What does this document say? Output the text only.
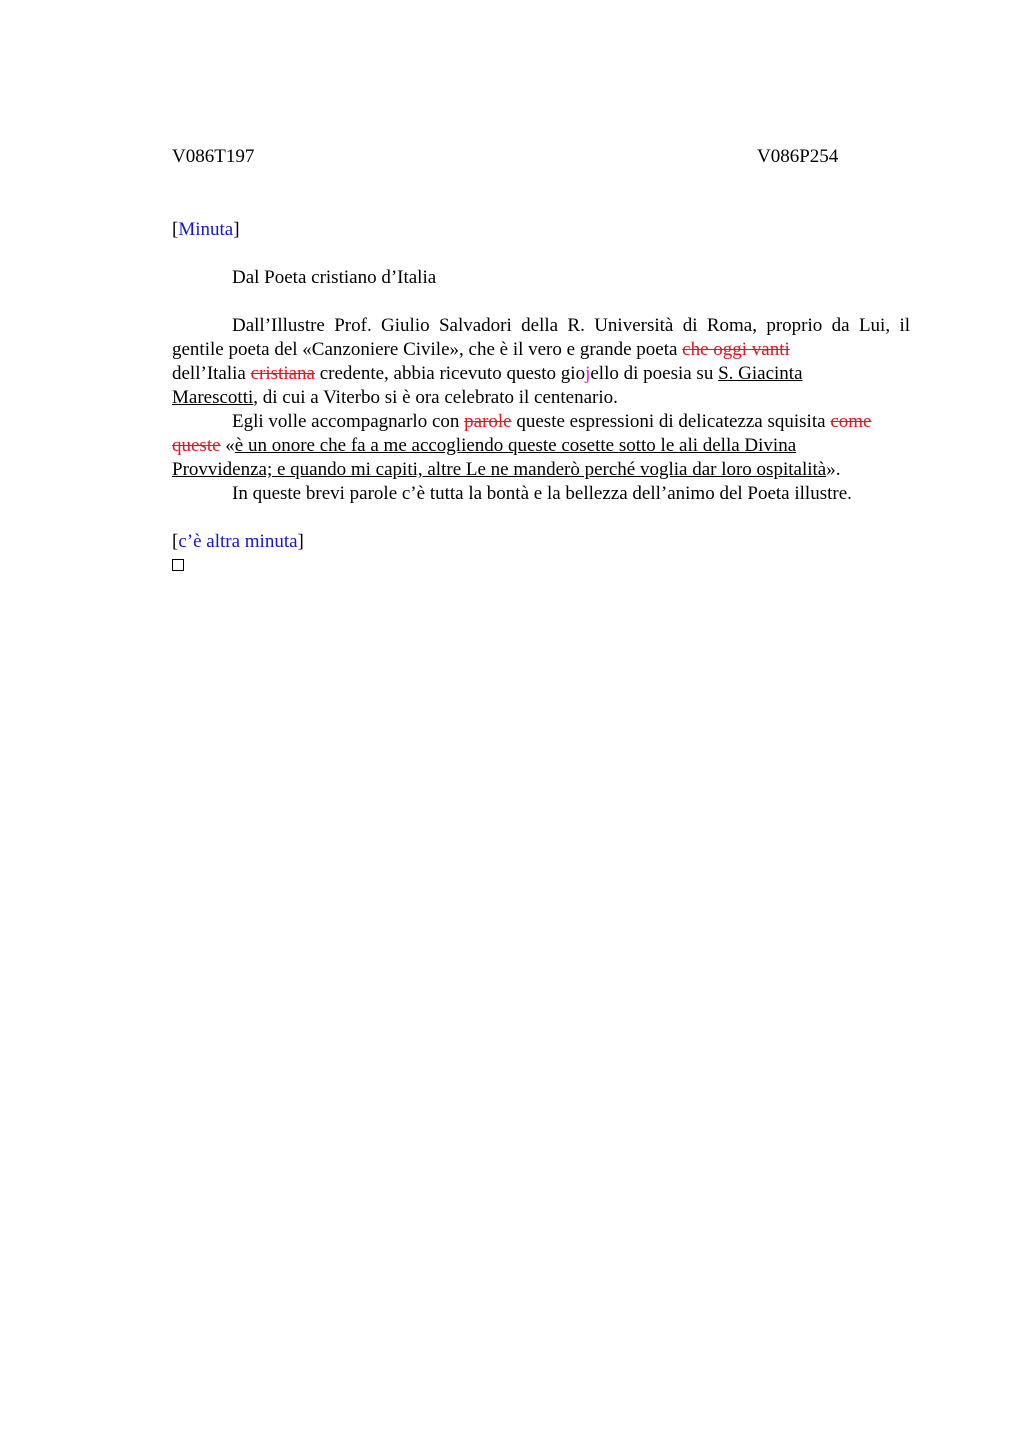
V086T197	V086P254
[Minuta]
Dal Poeta cristiano d’Italia
Dall’Illustre Prof. Giulio Salvadori della R. Università di Roma, proprio da Lui, il
gentile poeta del «Canzoniere Civile», che è il vero e grande poeta che oggi vanti
dell’Italia cristiana credente, abbia ricevuto questo giojello di poesia su S. Giacinta
Marescotti, di cui a Viterbo si è ora celebrato il centenario.
Egli volle accompagnarlo con parole queste espressioni di delicatezza squisita come
queste «è un onore che fa a me accogliendo queste cosette sotto le ali della Divina
Provvidenza; e quando mi capiti, altre Le ne manderò perché voglia dar loro ospitalità».
In queste brevi parole c’è tutta la bontà e la bellezza dell’animo del Poeta illustre.
[c’è altra minuta]
